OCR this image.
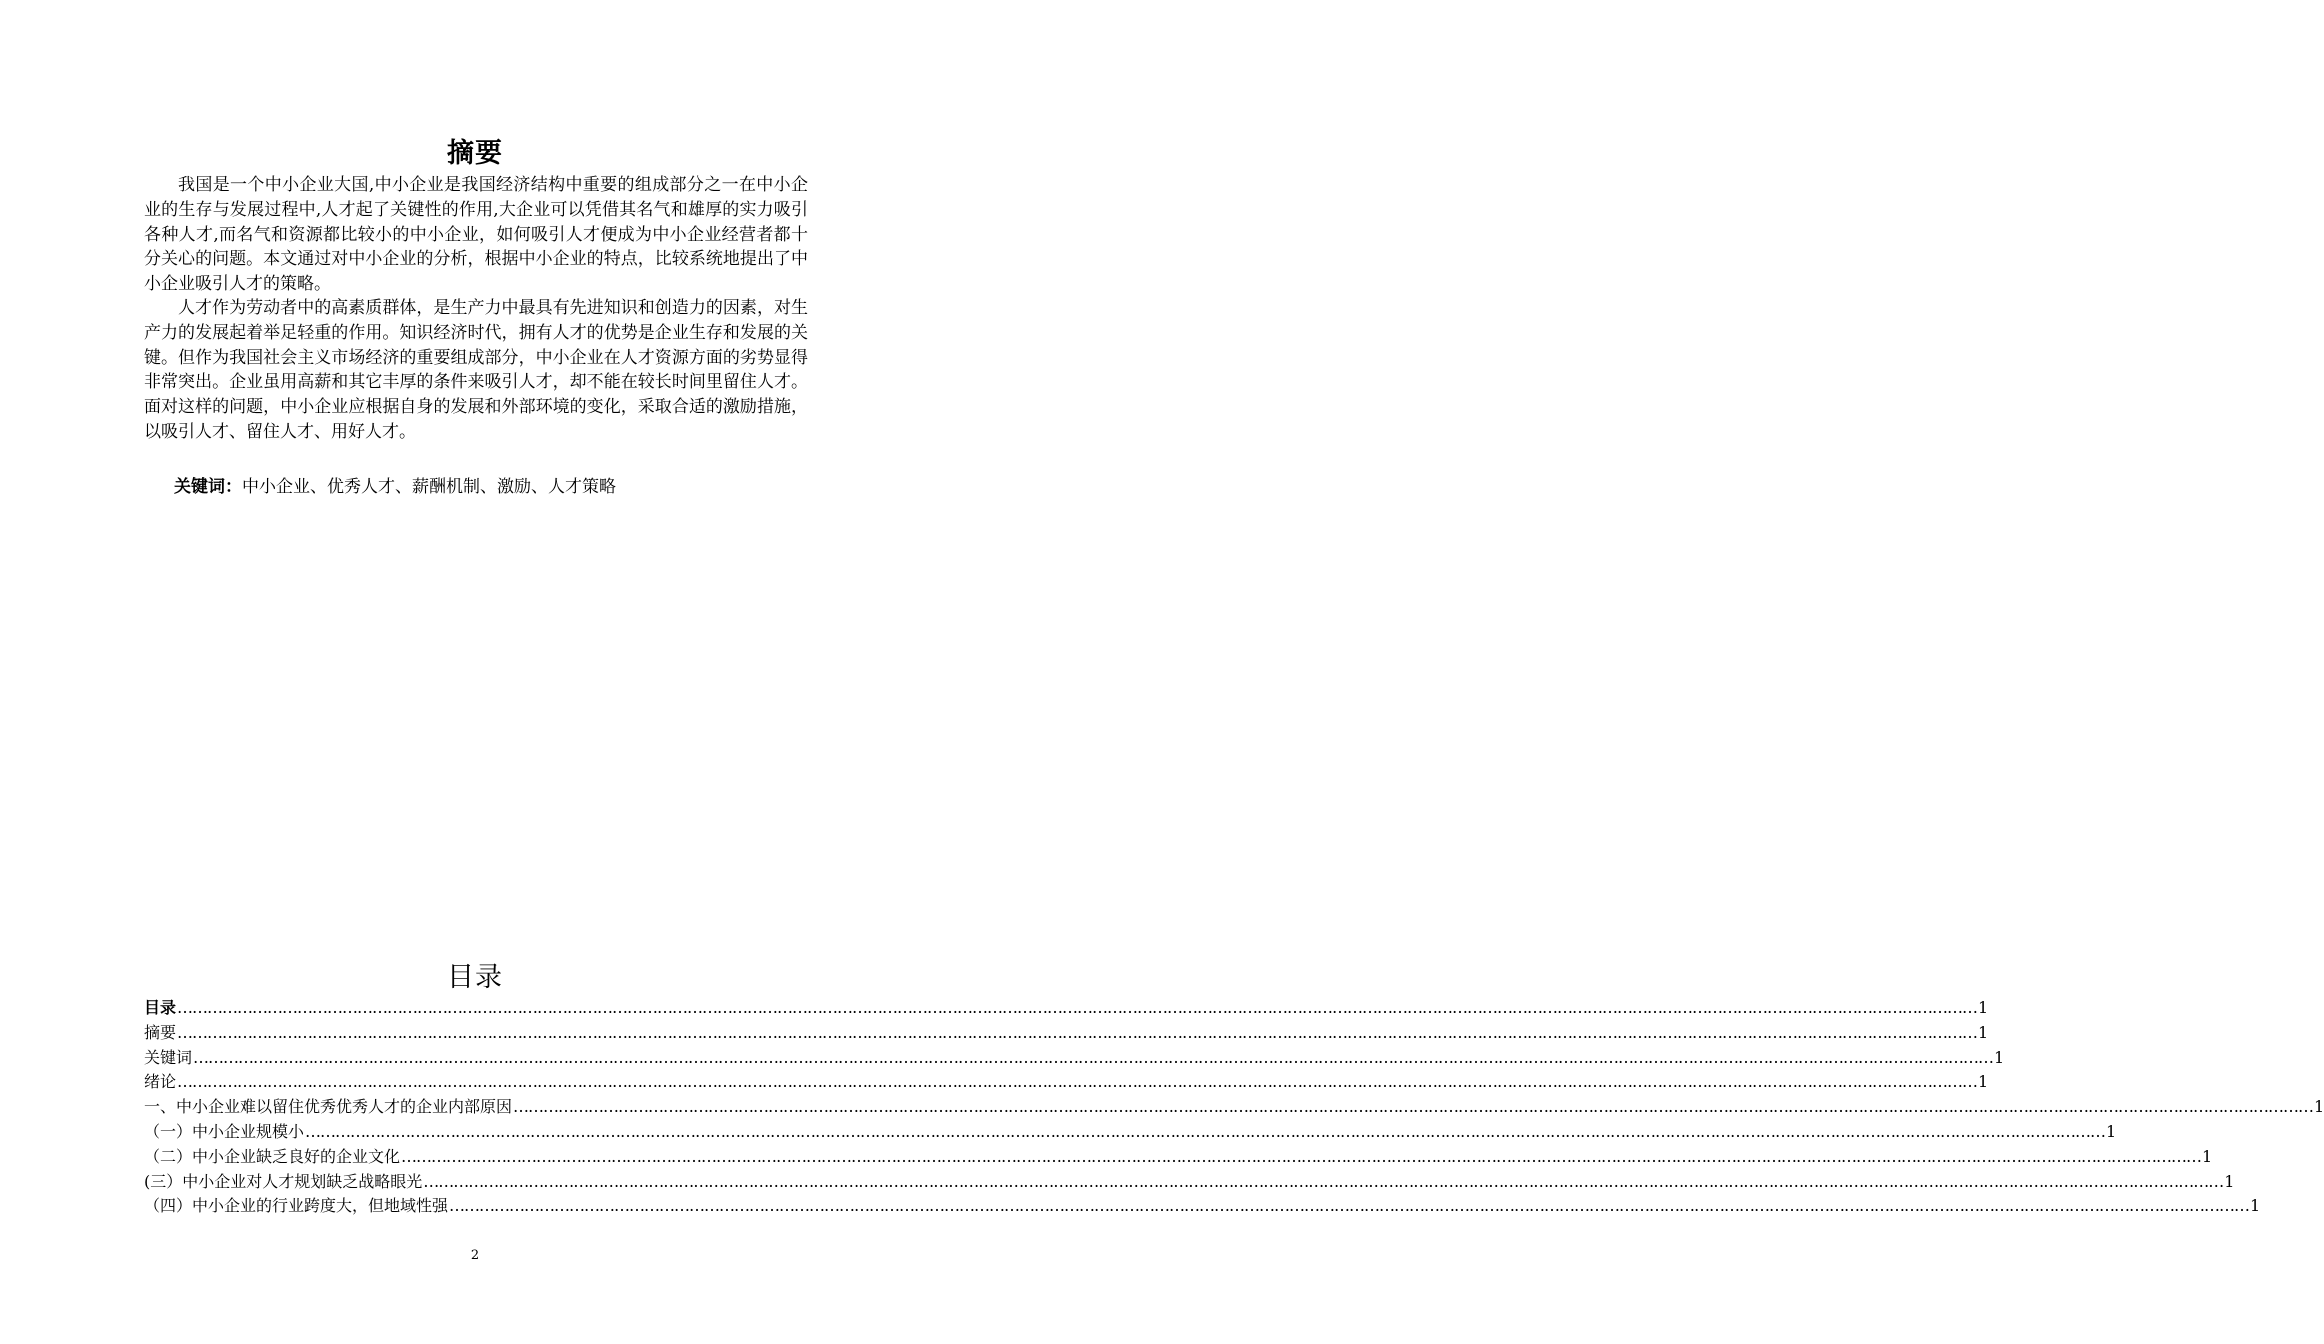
摘要

我国是一个中小企业大国,中小企业是我国经济结构中重要的组成部分之一在中小企业的生存与发展过程中,人才起了关键性的作用,大企业可以凭借其名气和雄厚的实力吸引各种人才,而名气和资源都比较小的中小企业，如何吸引人才便成为中小企业经营者都十分关心的问题。本文通过对中小企业的分析，根据中小企业的特点，比较系统地提出了中小企业吸引人才的策略。

人才作为劳动者中的高素质群体，是生产力中最具有先进知识和创造力的因素，对生产力的发展起着举足轻重的作用。知识经济时代，拥有人才的优势是企业生存和发展的关键。但作为我国社会主义市场经济的重要组成部分，中小企业在人才资源方面的劣势显得非常突出。企业虽用高薪和其它丰厚的条件来吸引人才，却不能在较长时间里留住人才。面对这样的问题，中小企业应根据自身的发展和外部环境的变化，采取合适的激励措施，以吸引人才、留住人才、用好人才。

关键词：中小企业、优秀人才、薪酬机制、激励、人才策略
目录
目录 ……………………………………………………………………………………………………………………………………………………………………………………………………………………………………………………………………………………………………………………………… 1
摘要 ……………………………………………………………………………………………………………………………………………………………………………………………………………………………………………………………………………………………………………………………… 1
关键词 ……………………………………………………………………………………………………………………………………………………………………………………………………………………………………………………………………………………………………………………………… 1
绪论 ……………………………………………………………………………………………………………………………………………………………………………………………………………………………………………………………………………………………………………………………… 1
一、中小企业难以留住优秀优秀人才的企业内部原因 ……………………………………………………………………………………………………………………………………………………………………………………………………………………………………………………………………………………………………………………………… 1
（一）中小企业规模小 ……………………………………………………………………………………………………………………………………………………………………………………………………………………………………………………………………………………………………………………………… 1
（二）中小企业缺乏良好的企业文化 ……………………………………………………………………………………………………………………………………………………………………………………………………………………………………………………………………………………………………………………………… 1
(三）中小企业对人才规划缺乏战略眼光 ……………………………………………………………………………………………………………………………………………………………………………………………………………………………………………………………………………………………………………………………… 1
（四）中小企业的行业跨度大，但地域性强 ……………………………………………………………………………………………………………………………………………………………………………………………………………………………………………………………………………………………………………………………… 1
2
